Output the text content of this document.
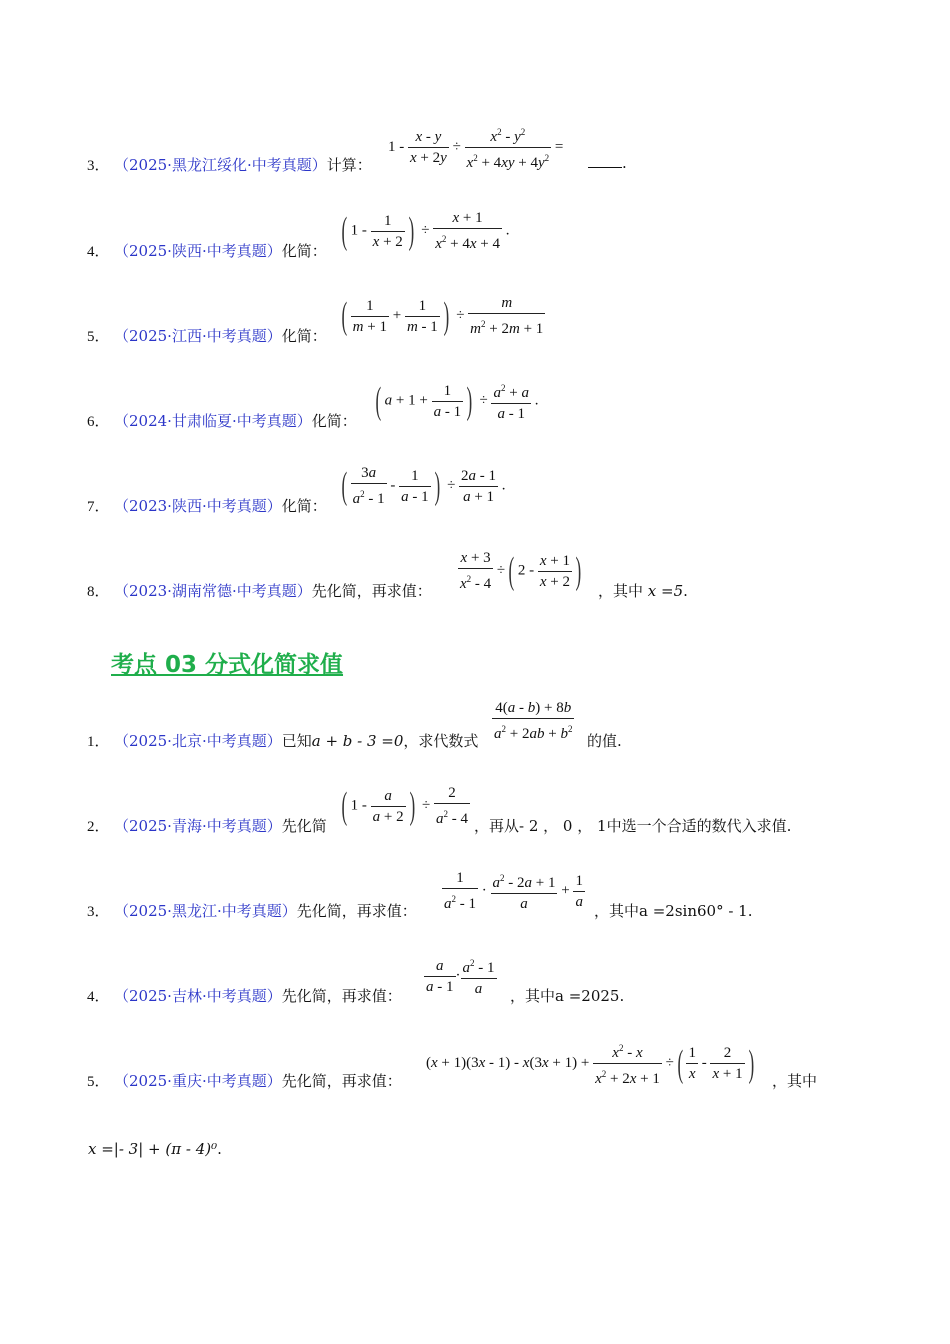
3． （2025·黑龙江绥化·中考真题）计算：
$1 - \frac{x - y}{x + 2y} \div \frac{x^2 - y^2}{x^2 + 4xy + 4y^2}$ =
.
4． （2025·陕西·中考真题）化简： ( $1 - \frac{1}{x + 2}$ ) ÷ $\frac{x + 1}{x^2 + 4x + 4}$ .
5． （2025·江西·中考真题）化简： ( $\frac{1}{m + 1} + \frac{1}{m - 1}$ ) ÷ $\frac{m}{m^2 + 2m + 1}$
6． （2024·甘肃临夏·中考真题）化简： ( $a + 1 + \frac{1}{a - 1}$ ) ÷ $\frac{a^2 + a}{a - 1}$ .
7． （2023·陕西·中考真题）化简： ( $\frac{3a}{a^2 - 1} - \frac{1}{a - 1}$ ) ÷ $\frac{2a - 1}{a + 1}$ .
8． （2023·湖南常德·中考真题）先化简，再求值： $\frac{x + 3}{x^2 - 4}$ ÷( $2 - \frac{x + 1}{x + 2}$ ) ，其中 x =5.
考点 03 分式化简求值
1． （2025·北京·中考真题）已知a + b - 3 =0，求代数式 $\frac{4(a - b) + 8b}{a^2 + 2ab + b^2}$ 的值.
2． （2025·青海·中考真题）先化简 ( $1 - \frac{a}{a + 2}$ ) ÷ $\frac{2}{a^2 - 4}$ ，再从- 2 ， 0 ， 1中选一个合适的数代入求值.
3． （2025·黑龙江·中考真题）先化简，再求值： $\frac{1}{a^2 - 1} \cdot \frac{a^2 - 2a + 1}{a} + \frac{1}{a}$ ，其中a =2sin60° - 1.
4． （2025·吉林·中考真题）先化简，再求值： $\frac{a}{a - 1} \cdot \frac{a^2 - 1}{a}$ ，其中a =2025.
5． （2025·重庆·中考真题）先化简，再求值：
$(x + 1)(3x - 1) - x(3x + 1) + \frac{x^2 - x}{x^2 + 2x + 1}$ ÷( $\frac{1}{x} - \frac{2}{x + 1}$ ) ，其中
x =|- 3| + (π - 4)⁰.
